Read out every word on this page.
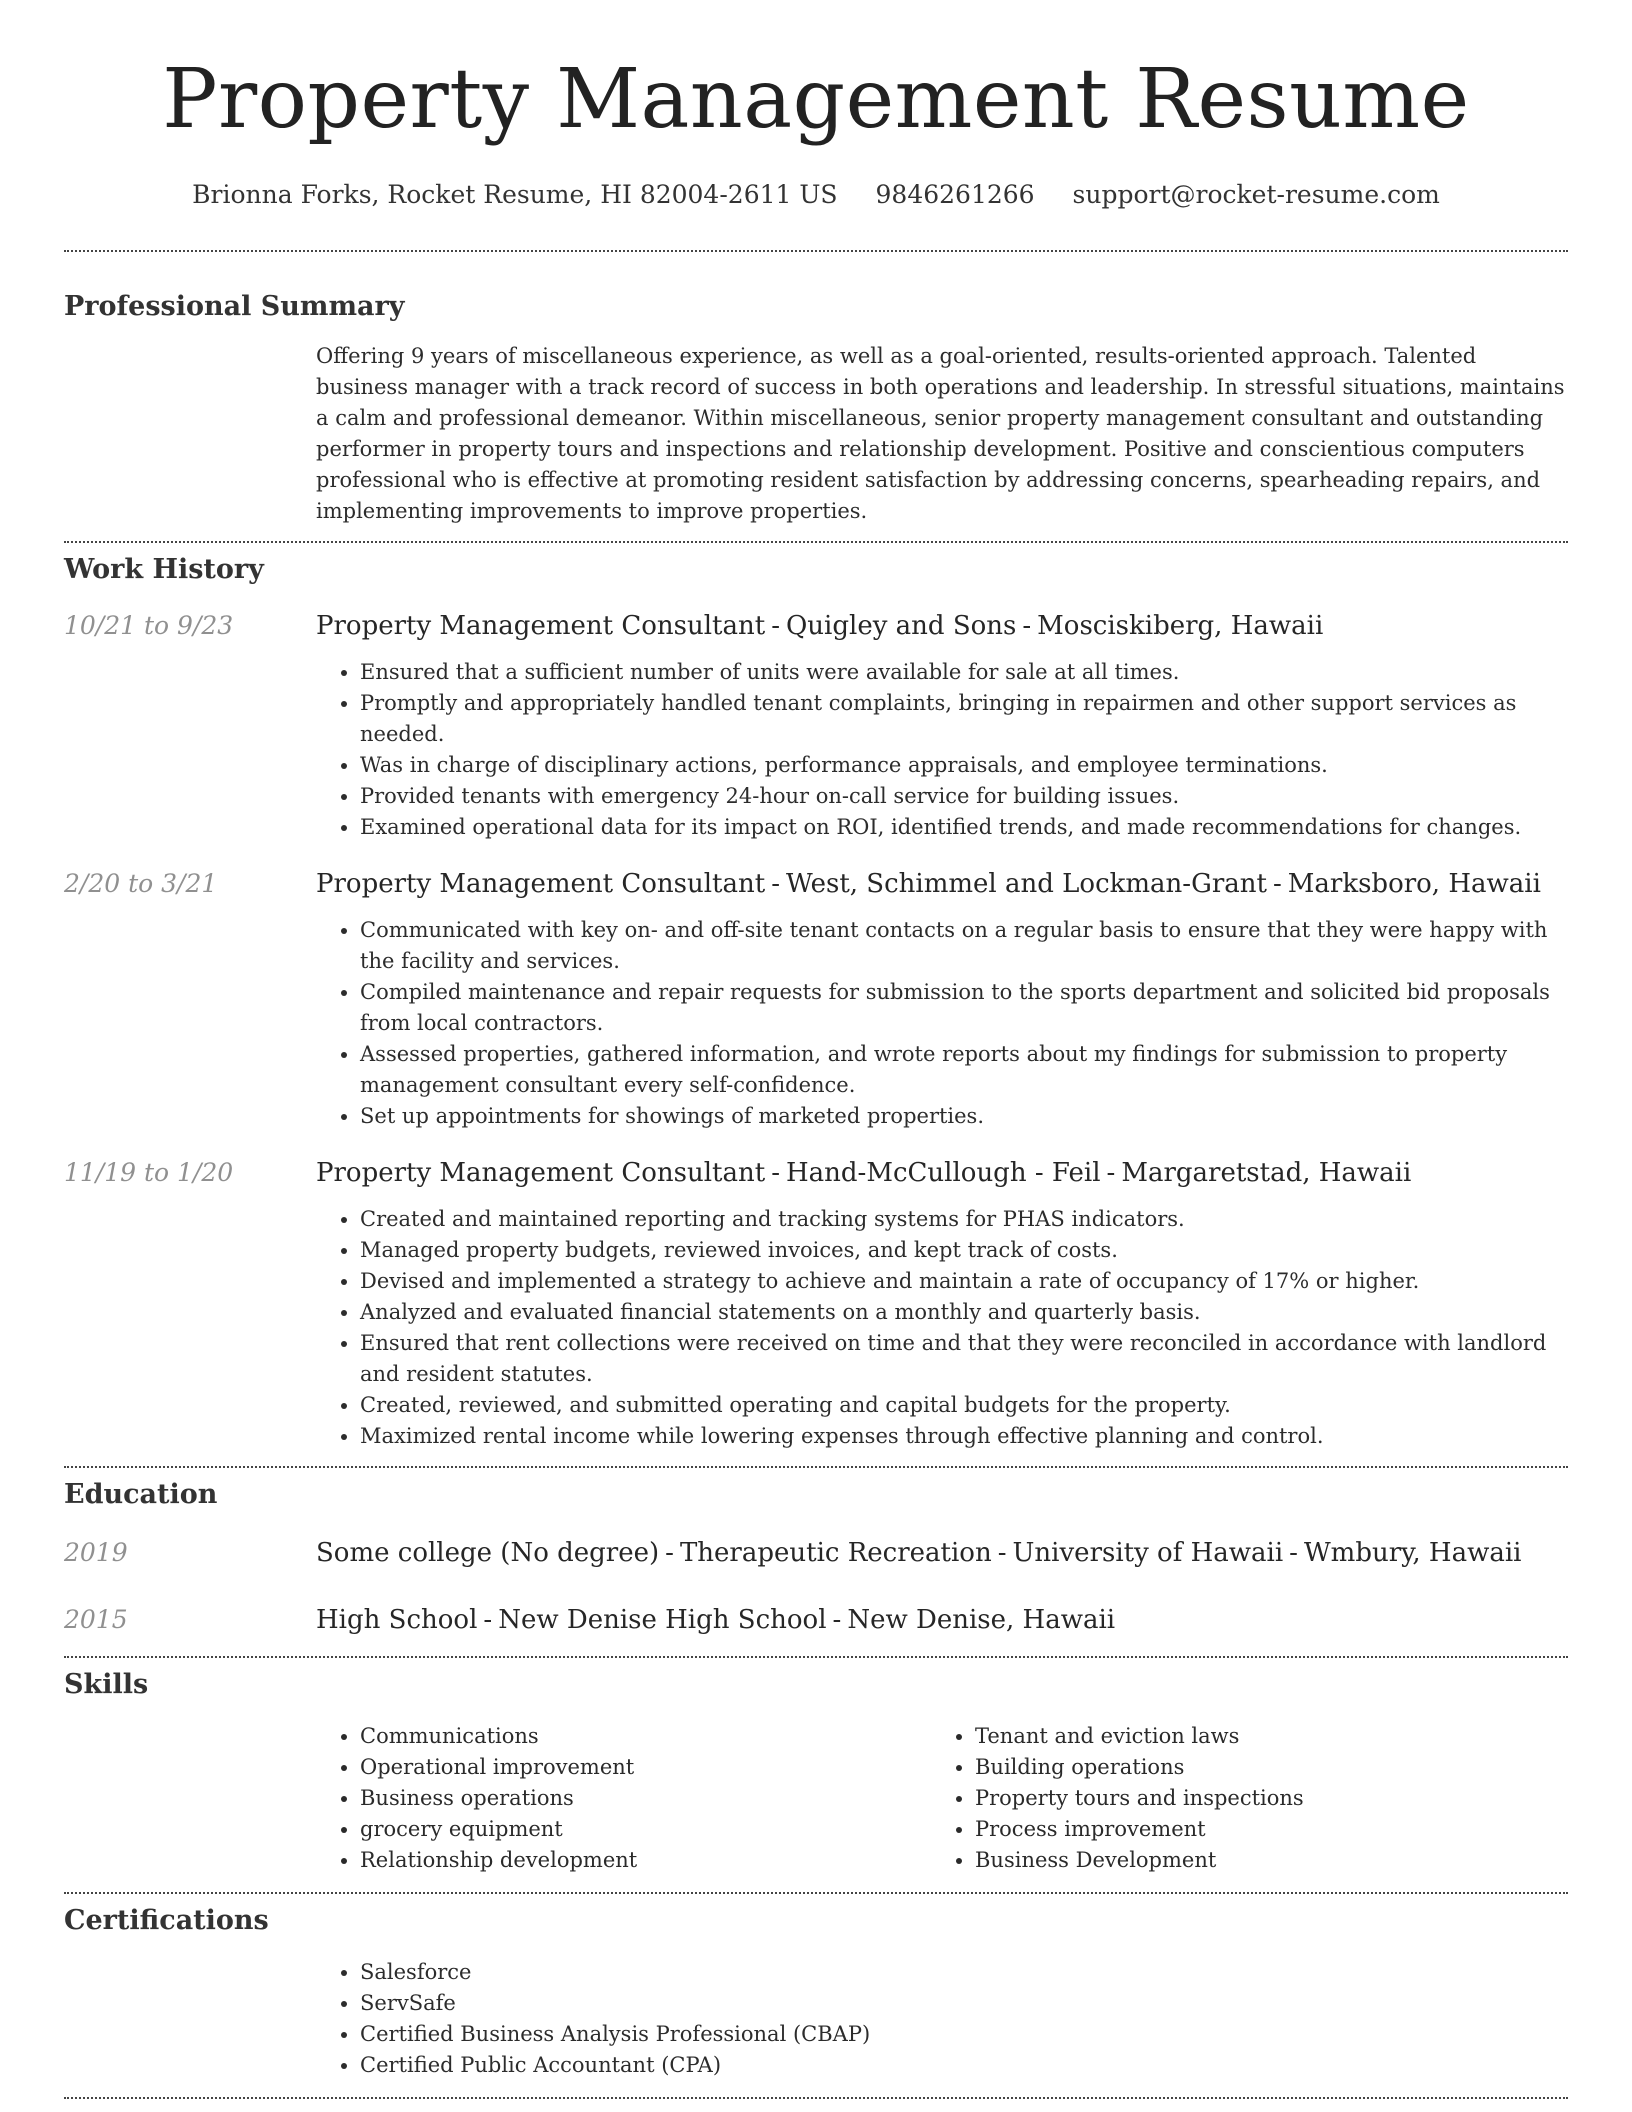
Property Management Resume
Brionna Forks, Rocket Resume, HI 82004-2611 US 9846261266 support@rocket-resume.com
Professional Summary

Offering 9 years of miscellaneous experience, as well as a goal-oriented, results-oriented approach. Talented business manager with a track record of success in both operations and leadership. In stressful situations, maintains a calm and professional demeanor. Within miscellaneous, senior property management consultant and outstanding performer in property tours and inspections and relationship development. Positive and conscientious computers professional who is effective at promoting resident satisfaction by addressing concerns, spearheading repairs, and implementing improvements to improve properties.

Work History
10/21 to 9/23	Property Management Consultant - Quigley and Sons - Mosciskiberg, Hawaii

• Ensured that a sufficient number of units were available for sale at all times.
• Promptly and appropriately handled tenant complaints, bringing in repairmen and other support services as needed.
• Was in charge of disciplinary actions, performance appraisals, and employee terminations.
• Provided tenants with emergency 24-hour on-call service for building issues.
• Examined operational data for its impact on ROI, identified trends, and made recommendations for changes.
2/20 to 3/21	Property Management Consultant - West, Schimmel and Lockman-Grant - Marksboro, Hawaii

• Communicated with key on- and off-site tenant contacts on a regular basis to ensure that they were happy with the facility and services.
• Compiled maintenance and repair requests for submission to the sports department and solicited bid proposals from local contractors.
• Assessed properties, gathered information, and wrote reports about my findings for submission to property management consultant every self-confidence.
• Set up appointments for showings of marketed properties.
11/19 to 1/20	Property Management Consultant - Hand-McCullough - Feil - Margaretstad, Hawaii

• Created and maintained reporting and tracking systems for PHAS indicators.
• Managed property budgets, reviewed invoices, and kept track of costs.
• Devised and implemented a strategy to achieve and maintain a rate of occupancy of 17% or higher.
• Analyzed and evaluated financial statements on a monthly and quarterly basis.
• Ensured that rent collections were received on time and that they were reconciled in accordance with landlord and resident statutes.
• Created, reviewed, and submitted operating and capital budgets for the property.
• Maximized rental income while lowering expenses through effective planning and control.
Education
2019	Some college (No degree) - Therapeutic Recreation - University of Hawaii - Wmbury, Hawaii

2015	High School - New Denise High School - New Denise, Hawaii

Skills
• Communications
• Operational improvement
• Business operations
• grocery equipment
• Relationship development
• Tenant and eviction laws
• Building operations
• Property tours and inspections
• Process improvement
• Business Development
Certifications
• Salesforce
• ServSafe
• Certified Business Analysis Professional (CBAP)
• Certified Public Accountant (CPA)
